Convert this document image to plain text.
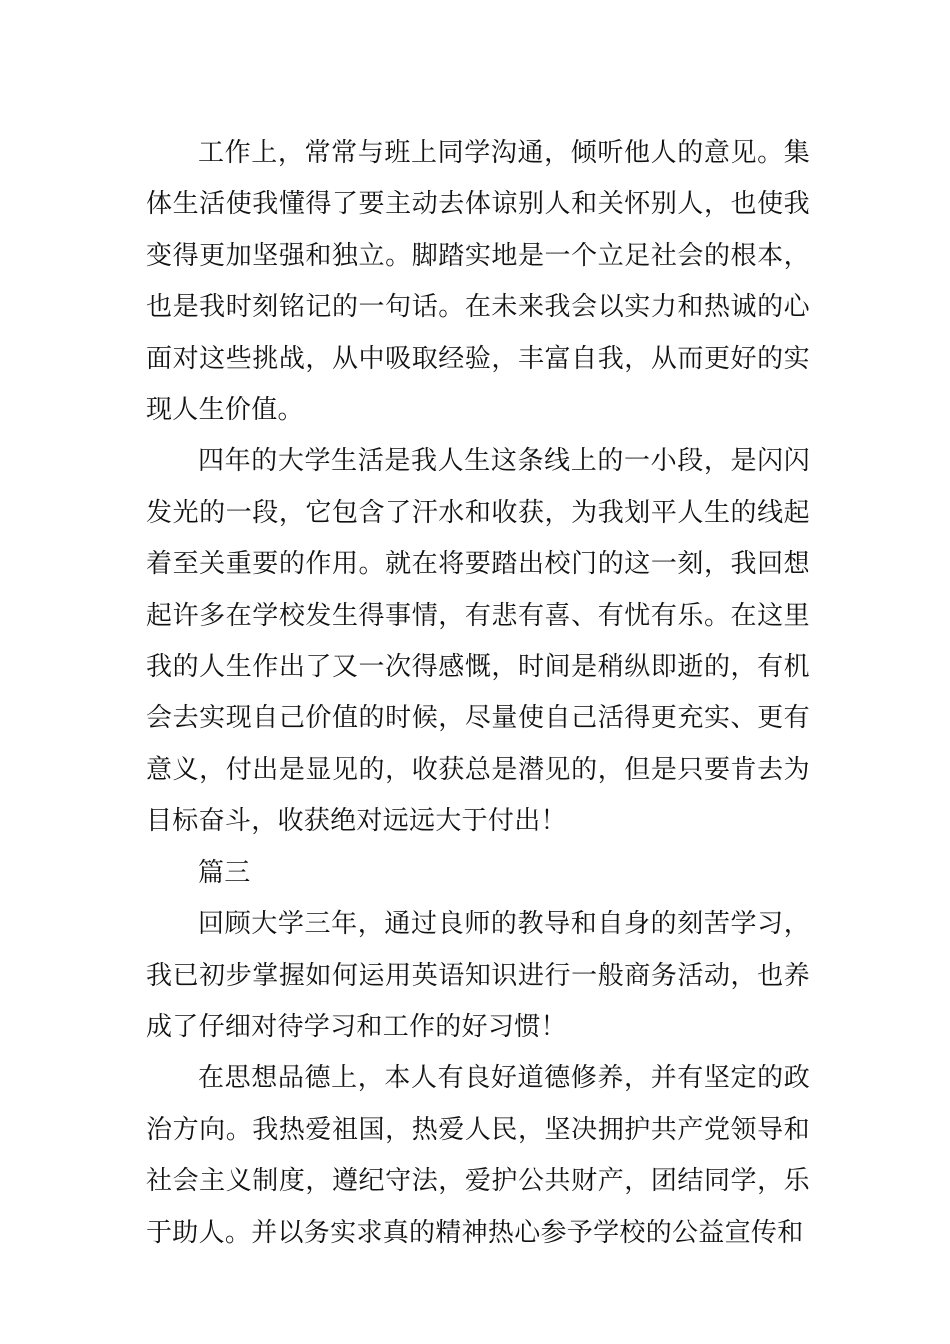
工作上，常常与班上同学沟通，倾听他人的意见。集体生活使我懂得了要主动去体谅别人和关怀别人，也使我变得更加坚强和独立。脚踏实地是一个立足社会的根本，也是我时刻铭记的一句话。在未来我会以实力和热诚的心面对这些挑战，从中吸取经验，丰富自我，从而更好的实现人生价值。

四年的大学生活是我人生这条线上的一小段，是闪闪发光的一段，它包含了汗水和收获，为我划平人生的线起着至关重要的作用。就在将要踏出校门的这一刻，我回想起许多在学校发生得事情，有悲有喜、有忧有乐。在这里我的人生作出了又一次得感慨，时间是稍纵即逝的，有机会去实现自己价值的时候，尽量使自己活得更充实、更有意义，付出是显见的，收获总是潜见的，但是只要肯去为目标奋斗，收获绝对远远大于付出！

篇三

回顾大学三年，通过良师的教导和自身的刻苦学习，我已初步掌握如何运用英语知识进行一般商务活动，也养成了仔细对待学习和工作的好习惯！

在思想品德上，本人有良好道德修养，并有坚定的政治方向。我热爱祖国，热爱人民，坚决拥护共产党领导和社会主义制度，遵纪守法，爱护公共财产，团结同学，乐于助人。并以务实求真的精神热心参予学校的公益宣传和
